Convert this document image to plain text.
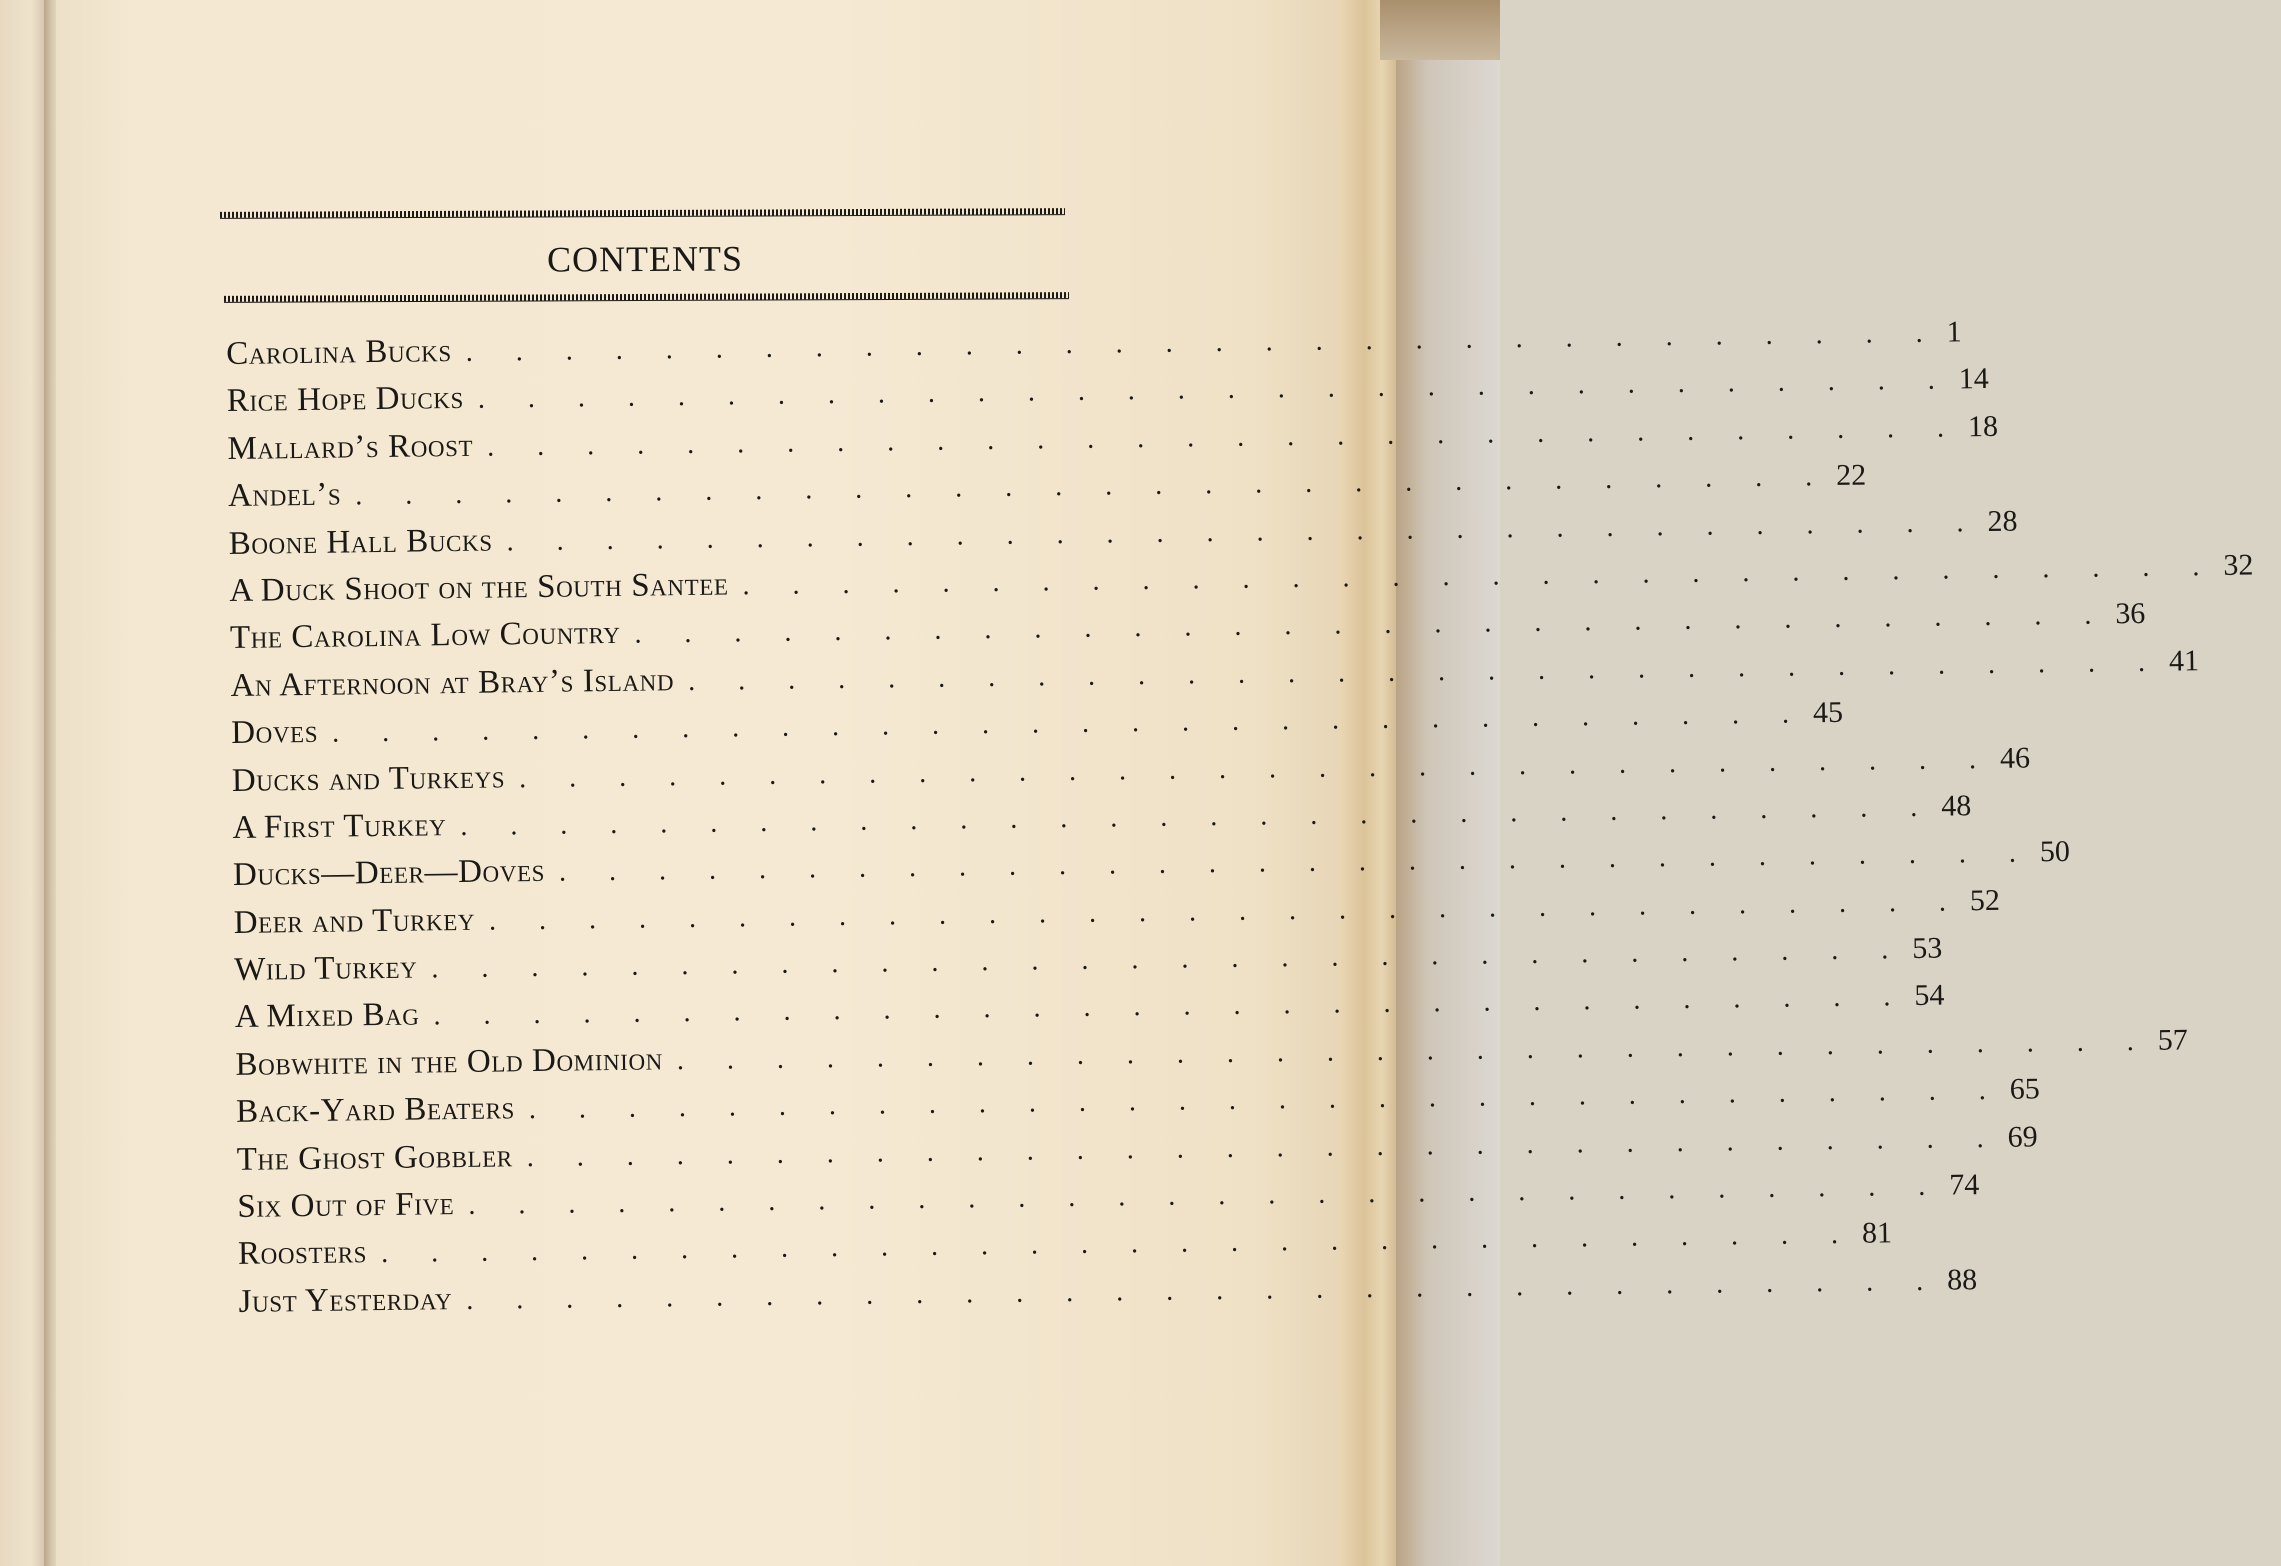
CONTENTS
Carolina Bucks . . . . . . . . . . . . . . . . . . . . . . . . . . . . . . 1
Rice Hope Ducks . . . . . . . . . . . . . . . . . . . . . . . . . . . . . . 14
Mallard’s Roost . . . . . . . . . . . . . . . . . . . . . . . . . . . . . . 18
Andel’s . . . . . . . . . . . . . . . . . . . . . . . . . . . . . . 22
Boone Hall Bucks . . . . . . . . . . . . . . . . . . . . . . . . . . . . . . 28
A Duck Shoot on the South Santee . . . . . . . . . . . . . . . . . . . . . . . . . . . . . . 32
The Carolina Low Country . . . . . . . . . . . . . . . . . . . . . . . . . . . . . . 36
An Afternoon at Bray’s Island . . . . . . . . . . . . . . . . . . . . . . . . . . . . . . 41
Doves . . . . . . . . . . . . . . . . . . . . . . . . . . . . . . 45
Ducks and Turkeys . . . . . . . . . . . . . . . . . . . . . . . . . . . . . . 46
A First Turkey . . . . . . . . . . . . . . . . . . . . . . . . . . . . . . 48
Ducks—Deer—Doves . . . . . . . . . . . . . . . . . . . . . . . . . . . . . . 50
Deer and Turkey . . . . . . . . . . . . . . . . . . . . . . . . . . . . . . 52
Wild Turkey . . . . . . . . . . . . . . . . . . . . . . . . . . . . . . 53
A Mixed Bag . . . . . . . . . . . . . . . . . . . . . . . . . . . . . . 54
Bobwhite in the Old Dominion . . . . . . . . . . . . . . . . . . . . . . . . . . . . . . 57
Back-Yard Beaters . . . . . . . . . . . . . . . . . . . . . . . . . . . . . . 65
The Ghost Gobbler . . . . . . . . . . . . . . . . . . . . . . . . . . . . . . 69
Six Out of Five . . . . . . . . . . . . . . . . . . . . . . . . . . . . . . 74
Roosters . . . . . . . . . . . . . . . . . . . . . . . . . . . . . . 81
Just Yesterday . . . . . . . . . . . . . . . . . . . . . . . . . . . . . . 88
